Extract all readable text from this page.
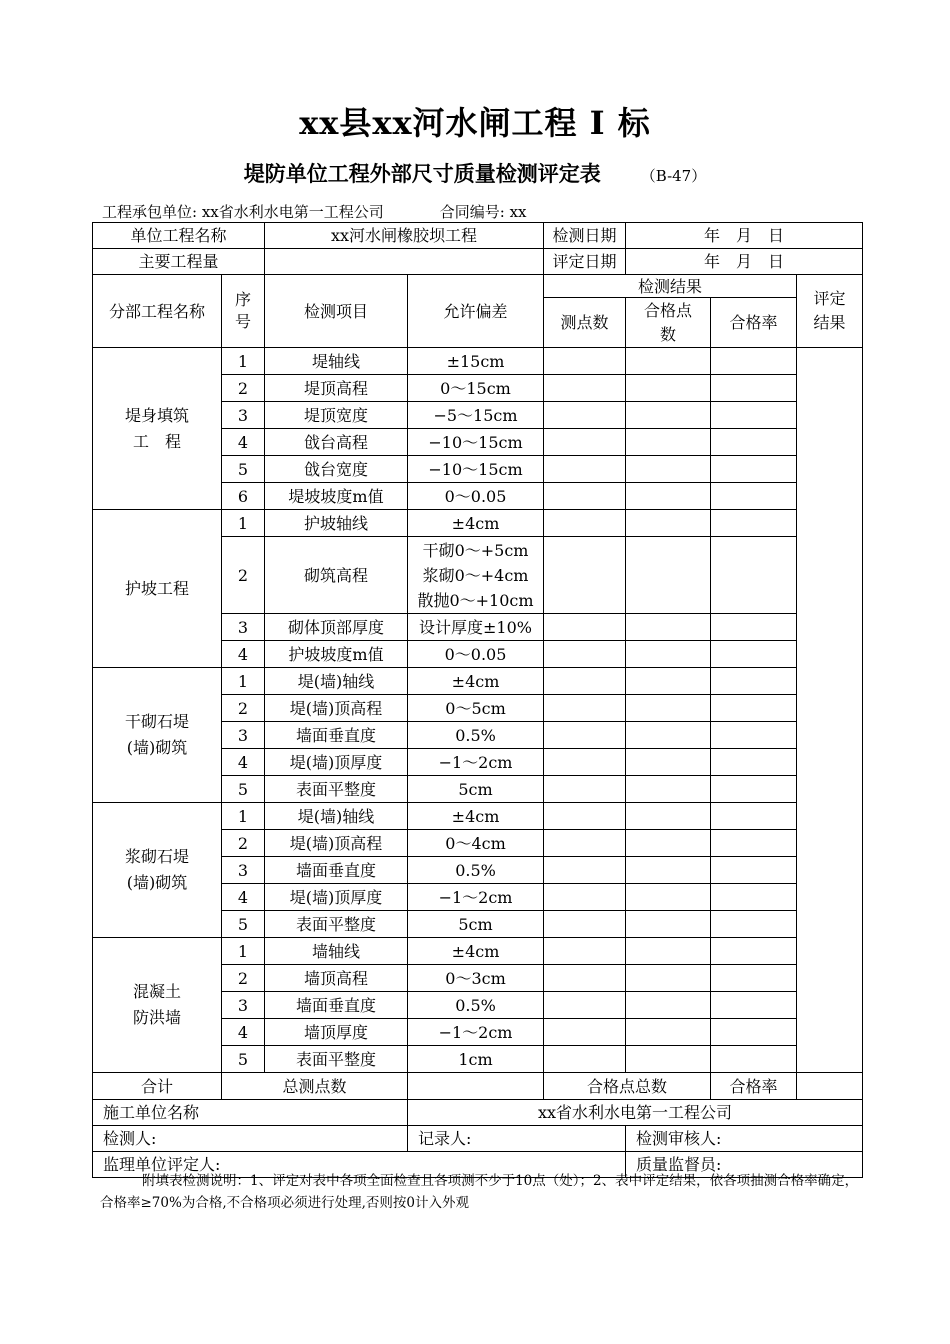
xx县xx河水闸工程 Ⅰ 标
堤防单位工程外部尺寸质量检测评定表	（B-47）
工程承包单位: xx省水利水电第一工程公司	合同编号: xx
单位工程名称		xx河水闸橡胶坝工程		检测日期	年　月　日		
主要工程量				评定日期	年　月　日		
分部工程名称	序号	检测项目	允许偏差	检测结果			评定结果
				测点数	合格点数	合格率	
堤身填筑
工　程	1	堤轴线	±15cm				
	2	堤顶高程	0～15cm				
	3	堤顶宽度	−5～15cm				
	4	戗台高程	−10～15cm				
	5	戗台宽度	−10～15cm				
	6	堤坡坡度m值	0～0.05				
护坡工程	1	护坡轴线	±4cm				
	2	砌筑高程	干砌0～+5cm
浆砌0～+4cm
散抛0～+10cm				
	3	砌体顶部厚度	设计厚度±10%				
	4	护坡坡度m值	0～0.05				
干砌石堤
(墙)砌筑	1	堤(墙)轴线	±4cm				
	2	堤(墙)顶高程	0～5cm				
	3	墙面垂直度	0.5%				
	4	堤(墙)顶厚度	−1～2cm				
	5	表面平整度	5cm				
浆砌石堤
(墙)砌筑	1	堤(墙)轴线	±4cm				
	2	堤(墙)顶高程	0～4cm				
	3	墙面垂直度	0.5%				
	4	堤(墙)顶厚度	−1～2cm				
	5	表面平整度	5cm				
混凝土
防洪墙	1	墙轴线	±4cm				
	2	墙顶高程	0～3cm				
	3	墙面垂直度	0.5%				
	4	墙顶厚度	−1～2cm				
	5	表面平整度	1cm				
合计	总测点数			合格点总数		合格率	
施工单位名称			xx省水利水电第一工程公司				
检测人:			记录人:		检测审核人:		
监理单位评定人:					质量监督员:		
附填表检测说明：1、评定对表中各项全面检查且各项测不少于10点（处）；2、表中评定结果，依各项抽测合格率确定，合格率≥70%为合格,不合格项必须进行处理,否则按0计入外观
